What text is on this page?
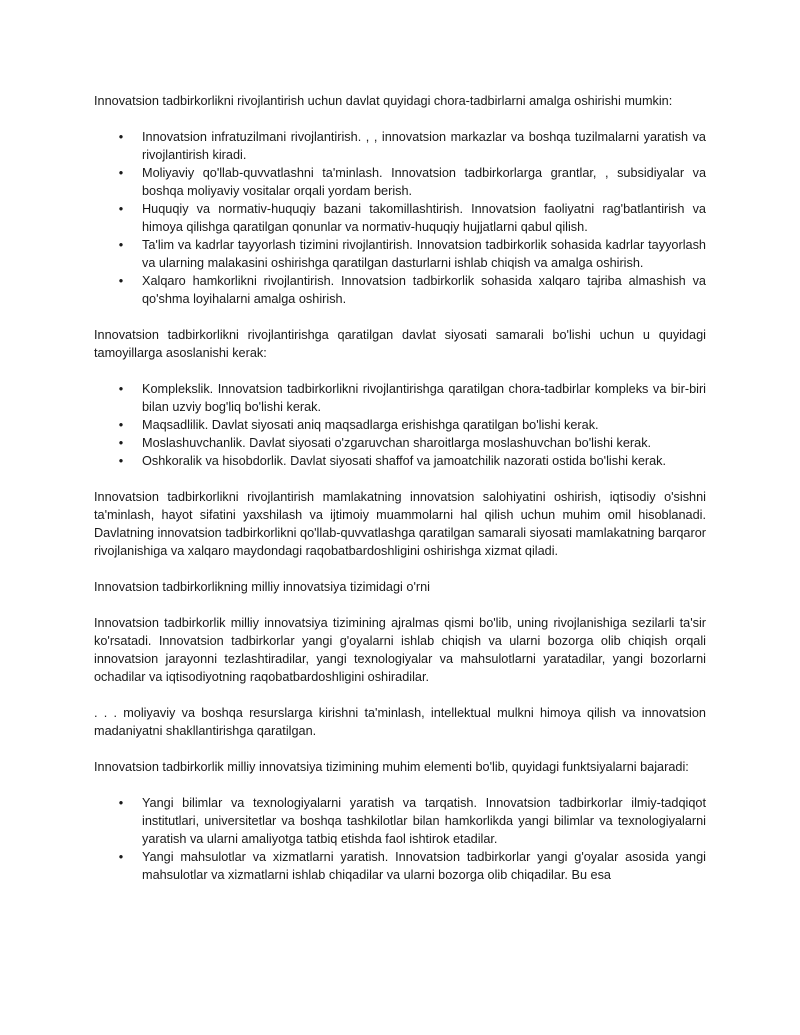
Innovatsion tadbirkorlikni rivojlantirish uchun davlat quyidagi chora-tadbirlarni amalga oshirishi mumkin:

• Innovatsion infratuzilmani rivojlantirish. , , innovatsion markazlar va boshqa tuzilmalarni yaratish va rivojlantirish kiradi.
• Moliyaviy qo'llab-quvvatlashni ta'minlash. Innovatsion tadbirkorlarga grantlar, , subsidiyalar va boshqa moliyaviy vositalar orqali yordam berish.
• Huquqiy va normativ-huquqiy bazani takomillashtirish. Innovatsion faoliyatni rag'batlantirish va himoya qilishga qaratilgan qonunlar va normativ-huquqiy hujjatlarni qabul qilish.
• Ta'lim va kadrlar tayyorlash tizimini rivojlantirish. Innovatsion tadbirkorlik sohasida kadrlar tayyorlash va ularning malakasini oshirishga qaratilgan dasturlarni ishlab chiqish va amalga oshirish.
• Xalqaro hamkorlikni rivojlantirish. Innovatsion tadbirkorlik sohasida xalqaro tajriba almashish va qo'shma loyihalarni amalga oshirish.

Innovatsion tadbirkorlikni rivojlantirishga qaratilgan davlat siyosati samarali bo'lishi uchun u quyidagi tamoyillarga asoslanishi kerak:

• Komplekslik. Innovatsion tadbirkorlikni rivojlantirishga qaratilgan chora-tadbirlar kompleks va bir-biri bilan uzviy bog'liq bo'lishi kerak.
• Maqsadlilik. Davlat siyosati aniq maqsadlarga erishishga qaratilgan bo'lishi kerak.
• Moslashuvchanlik. Davlat siyosati o'zgaruvchan sharoitlarga moslashuvchan bo'lishi kerak.
• Oshkoralik va hisobdorlik. Davlat siyosati shaffof va jamoatchilik nazorati ostida bo'lishi kerak.

Innovatsion tadbirkorlikni rivojlantirish mamlakatning innovatsion salohiyatini oshirish, iqtisodiy o'sishni ta'minlash, hayot sifatini yaxshilash va ijtimoiy muammolarni hal qilish uchun muhim omil hisoblanadi. Davlatning innovatsion tadbirkorlikni qo'llab-quvvatlashga qaratilgan samarali siyosati mamlakatning barqaror rivojlanishiga va xalqaro maydondagi raqobatbardoshligini oshirishga xizmat qiladi.

Innovatsion tadbirkorlikning milliy innovatsiya tizimidagi o'rni

Innovatsion tadbirkorlik milliy innovatsiya tizimining ajralmas qismi bo'lib, uning rivojlanishiga sezilarli ta'sir ko'rsatadi. Innovatsion tadbirkorlar yangi g'oyalarni ishlab chiqish va ularni bozorga olib chiqish orqali innovatsion jarayonni tezlashtiradilar, yangi texnologiyalar va mahsulotlarni yaratadilar, yangi bozorlarni ochadilar va iqtisodiyotning raqobatbardoshligini oshiradilar.

. . . moliyaviy va boshqa resurslarga kirishni ta'minlash, intellektual mulkni himoya qilish va innovatsion madaniyatni shakllantirishga qaratilgan.

Innovatsion tadbirkorlik milliy innovatsiya tizimining muhim elementi bo'lib, quyidagi funktsiyalarni bajaradi:

• Yangi bilimlar va texnologiyalarni yaratish va tarqatish. Innovatsion tadbirkorlar ilmiy-tadqiqot institutlari, universitetlar va boshqa tashkilotlar bilan hamkorlikda yangi bilimlar va texnologiyalarni yaratish va ularni amaliyotga tatbiq etishda faol ishtirok etadilar.
• Yangi mahsulotlar va xizmatlarni yaratish. Innovatsion tadbirkorlar yangi g'oyalar asosida yangi mahsulotlar va xizmatlarni ishlab chiqadilar va ularni bozorga olib chiqadilar. Bu esa
